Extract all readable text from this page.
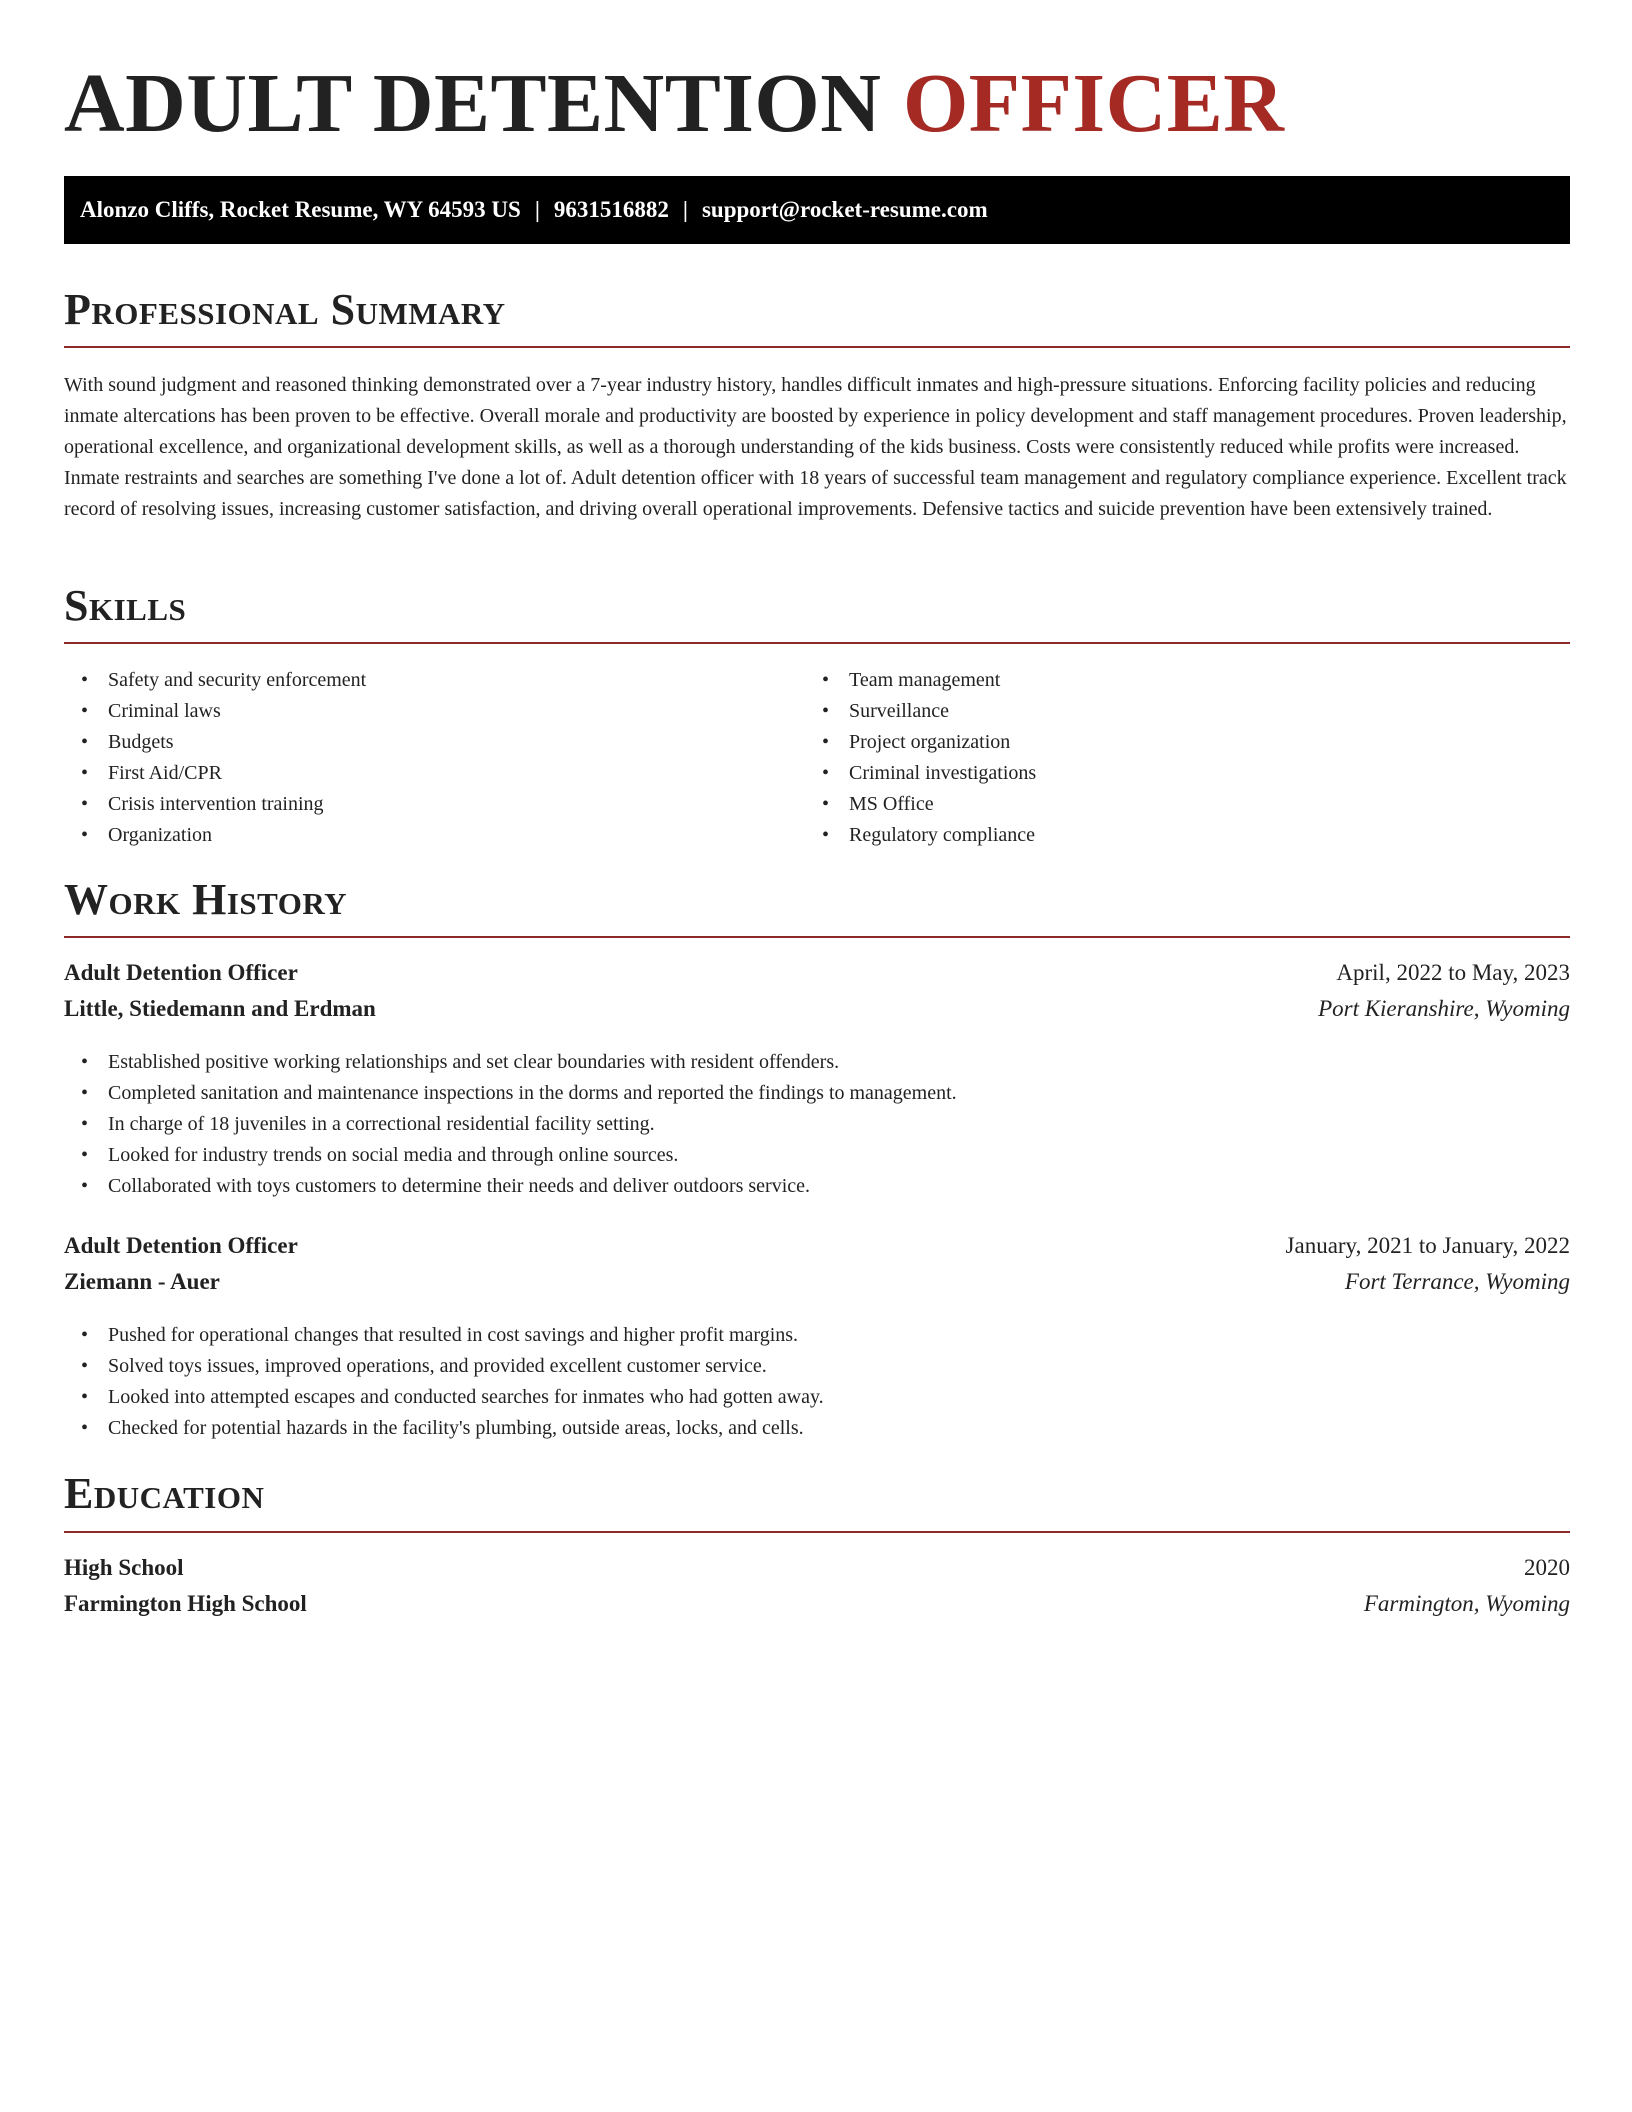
ADULT DETENTION OFFICER
Alonzo Cliffs, Rocket Resume, WY 64593 US | 9631516882 | support@rocket-resume.com
Professional Summary

With sound judgment and reasoned thinking demonstrated over a 7-year industry history, handles difficult inmates and high-pressure situations. Enforcing facility policies and reducing inmate altercations has been proven to be effective. Overall morale and productivity are boosted by experience in policy development and staff management procedures. Proven leadership, operational excellence, and organizational development skills, as well as a thorough understanding of the kids business. Costs were consistently reduced while profits were increased. Inmate restraints and searches are something I've done a lot of. Adult detention officer with 18 years of successful team management and regulatory compliance experience. Excellent track record of resolving issues, increasing customer satisfaction, and driving overall operational improvements. Defensive tactics and suicide prevention have been extensively trained.

Skills
• Safety and security enforcement
• Criminal laws
• Budgets
• First Aid/CPR
• Crisis intervention training
• Organization
• Team management
• Surveillance
• Project organization
• Criminal investigations
• MS Office
• Regulatory compliance
Work History
Adult Detention Officer	April, 2022 to May, 2023
Little, Stiedemann and Erdman	Port Kieranshire, Wyoming
• Established positive working relationships and set clear boundaries with resident offenders.
• Completed sanitation and maintenance inspections in the dorms and reported the findings to management.
• In charge of 18 juveniles in a correctional residential facility setting.
• Looked for industry trends on social media and through online sources.
• Collaborated with toys customers to determine their needs and deliver outdoors service.
Adult Detention Officer	January, 2021 to January, 2022
Ziemann - Auer	Fort Terrance, Wyoming
• Pushed for operational changes that resulted in cost savings and higher profit margins.
• Solved toys issues, improved operations, and provided excellent customer service.
• Looked into attempted escapes and conducted searches for inmates who had gotten away.
• Checked for potential hazards in the facility's plumbing, outside areas, locks, and cells.
Education
High School	2020
Farmington High School	Farmington, Wyoming
